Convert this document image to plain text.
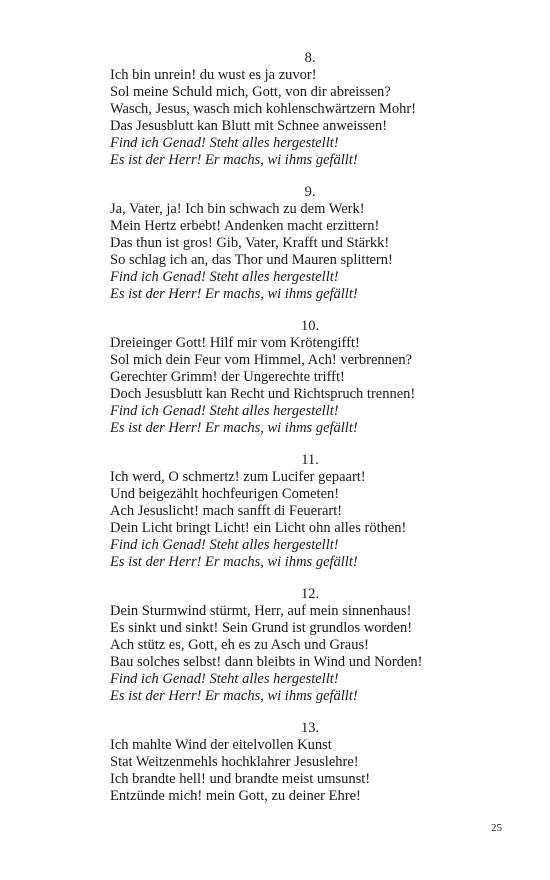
8.
Ich bin unrein! du wust es ja zuvor!
Sol meine Schuld mich, Gott, von dir abreissen?
Wasch, Jesus, wasch mich kohlenschwärtzern Mohr!
Das Jesusblutt kan Blutt mit Schnee anweissen!
Find ich Genad! Steht alles hergestellt!
Es ist der Herr! Er machs, wi ihms gefällt!
9.
Ja, Vater, ja! Ich bin schwach zu dem Werk!
Mein Hertz erbebt! Andenken macht erzittern!
Das thun ist gros! Gib, Vater, Krafft und Stärkk!
So schlag ich an, das Thor und Mauren splittern!
Find ich Genad! Steht alles hergestellt!
Es ist der Herr! Er machs, wi ihms gefällt!
10.
Dreieinger Gott! Hilf mir vom Krötengifft!
Sol mich dein Feur vom Himmel, Ach! verbrennen?
Gerechter Grimm! der Ungerechte trifft!
Doch Jesusblutt kan Recht und Richtspruch trennen!
Find ich Genad! Steht alles hergestellt!
Es ist der Herr! Er machs, wi ihms gefällt!
11.
Ich werd, O schmertz! zum Lucifer gepaart!
Und beigezählt hochfeurigen Cometen!
Ach Jesuslicht! mach sanfft di Feuerart!
Dein Licht bringt Licht! ein Licht ohn alles röthen!
Find ich Genad! Steht alles hergestellt!
Es ist der Herr! Er machs, wi ihms gefällt!
12.
Dein Sturmwind stürmt, Herr, auf mein sinnenhaus!
Es sinkt und sinkt! Sein Grund ist grundlos worden!
Ach stütz es, Gott, eh es zu Asch und Graus!
Bau solches selbst! dann bleibts in Wind und Norden!
Find ich Genad! Steht alles hergestellt!
Es ist der Herr! Er machs, wi ihms gefällt!
13.
Ich mahlte Wind der eitelvollen Kunst
Stat Weitzenmehls hochklahrer Jesuslehre!
Ich brandte hell! und brandte meist umsunst!
Entzünde mich! mein Gott, zu deiner Ehre!
25
